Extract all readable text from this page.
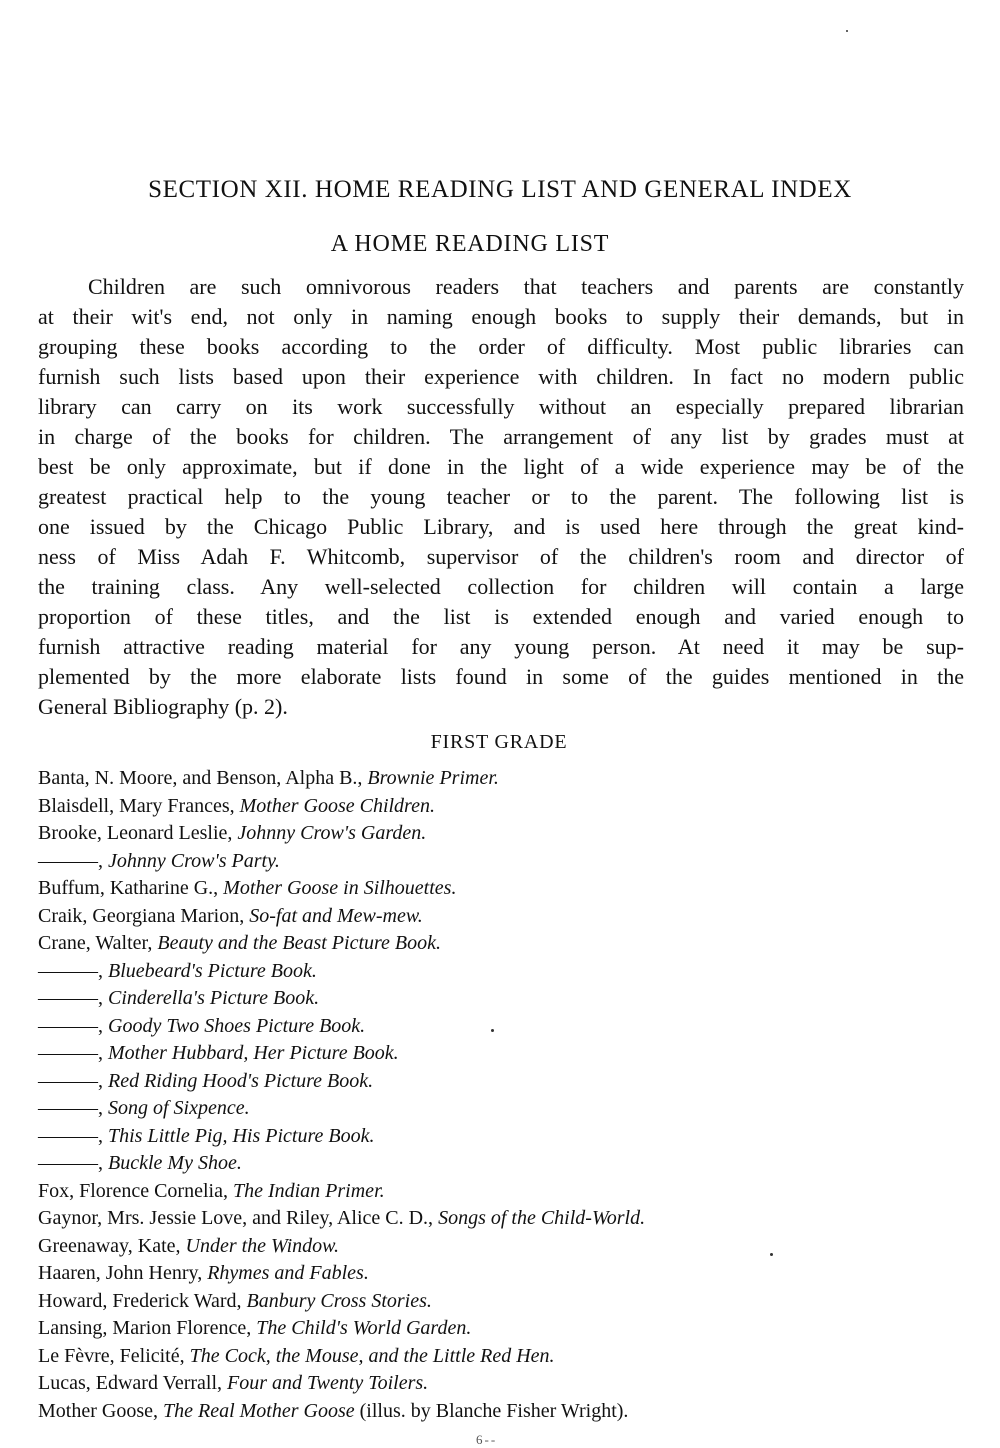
SECTION XII. HOME READING LIST AND GENERAL INDEX
A HOME READING LIST

Children are such omnivorous readers that teachers and parents are constantly
at their wit's end, not only in naming enough books to supply their demands, but in
grouping these books according to the order of difficulty. Most public libraries can
furnish such lists based upon their experience with children. In fact no modern public
library can carry on its work successfully without an especially prepared librarian
in charge of the books for children. The arrangement of any list by grades must at
best be only approximate, but if done in the light of a wide experience may be of the
greatest practical help to the young teacher or to the parent. The following list is
one issued by the Chicago Public Library, and is used here through the great kind-
ness of Miss Adah F. Whitcomb, supervisor of the children's room and director of
the training class. Any well-selected collection for children will contain a large
proportion of these titles, and the list is extended enough and varied enough to
furnish attractive reading material for any young person. At need it may be sup-
plemented by the more elaborate lists found in some of the guides mentioned in the
General Bibliography (p. 2).

FIRST GRADE
Banta, N. Moore, and Benson, Alpha B., Brownie Primer.
Blaisdell, Mary Frances, Mother Goose Children.
Brooke, Leonard Leslie, Johnny Crow's Garden.
———, Johnny Crow's Party.
Buffum, Katharine G., Mother Goose in Silhouettes.
Craik, Georgiana Marion, So-fat and Mew-mew.
Crane, Walter, Beauty and the Beast Picture Book.
———, Bluebeard's Picture Book.
———, Cinderella's Picture Book.
———, Goody Two Shoes Picture Book.
———, Mother Hubbard, Her Picture Book.
———, Red Riding Hood's Picture Book.
———, Song of Sixpence.
———, This Little Pig, His Picture Book.
———, Buckle My Shoe.
Fox, Florence Cornelia, The Indian Primer.
Gaynor, Mrs. Jessie Love, and Riley, Alice C. D., Songs of the Child-World.
Greenaway, Kate, Under the Window.
Haaren, John Henry, Rhymes and Fables.
Howard, Frederick Ward, Banbury Cross Stories.
Lansing, Marion Florence, The Child's World Garden.
Le Fèvre, Felicité, The Cock, the Mouse, and the Little Red Hen.
Lucas, Edward Verrall, Four and Twenty Toilers.
Mother Goose, The Real Mother Goose (illus. by Blanche Fisher Wright).
6--
